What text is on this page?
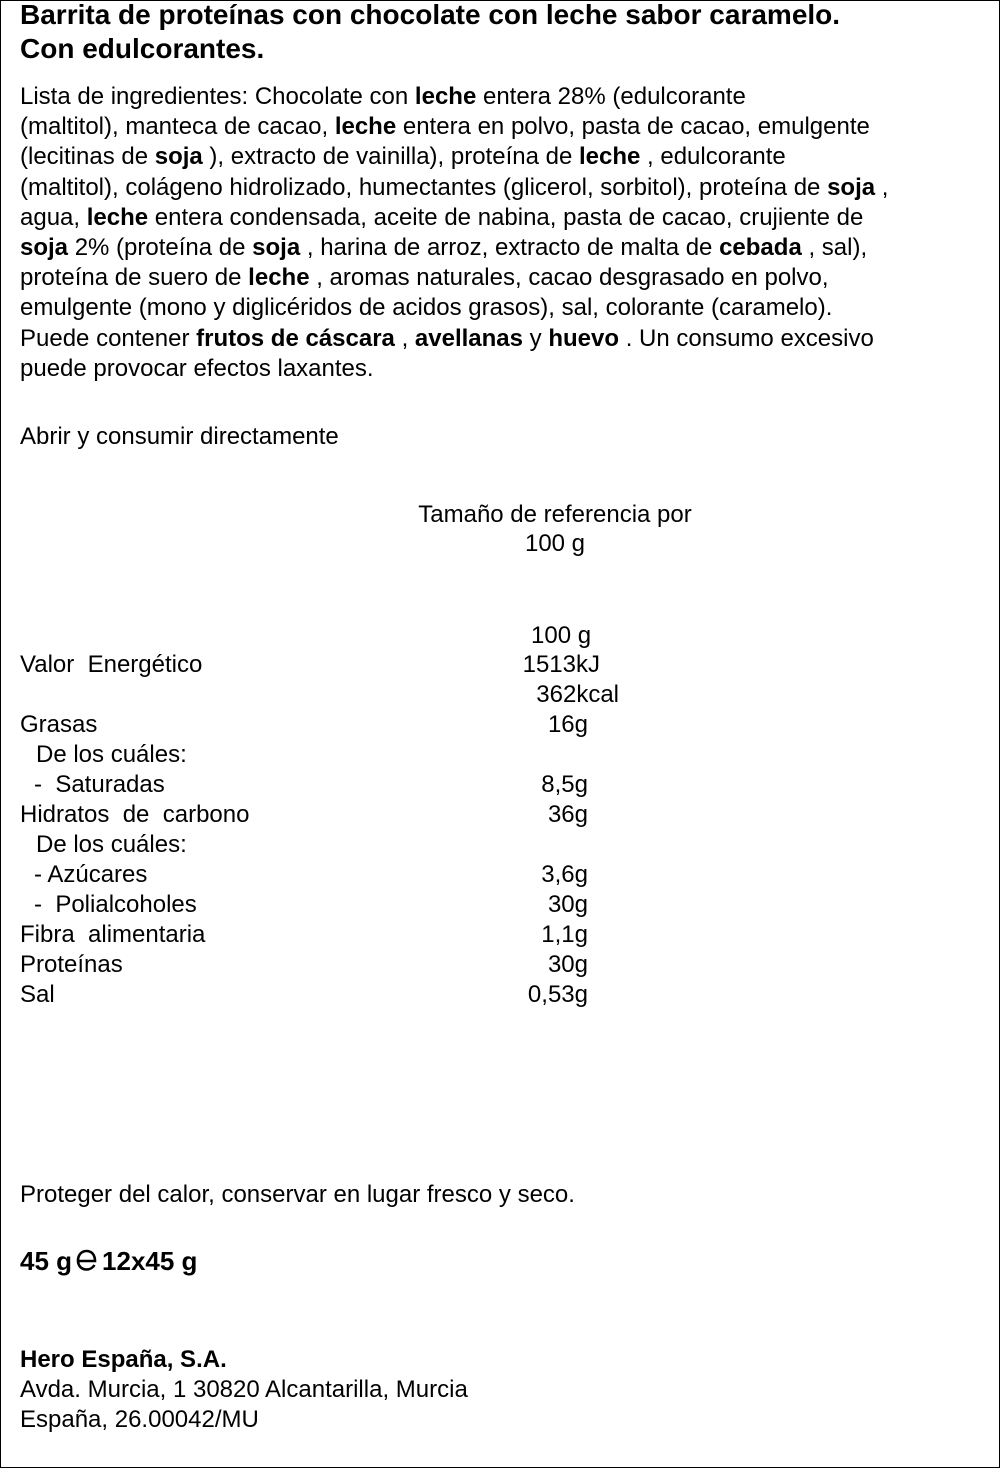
Barrita de proteínas con chocolate con leche sabor caramelo.
Con edulcorantes.
Lista de ingredientes: Chocolate con leche entera 28% (edulcorante
(maltitol), manteca de cacao, leche entera en polvo, pasta de cacao, emulgente
(lecitinas de soja ), extracto de vainilla), proteína de leche , edulcorante
(maltitol), colágeno hidrolizado, humectantes (glicerol, sorbitol), proteína de soja ,
agua, leche entera condensada, aceite de nabina, pasta de cacao, crujiente de
soja 2% (proteína de soja , harina de arroz, extracto de malta de cebada , sal),
proteína de suero de leche , aromas naturales, cacao desgrasado en polvo,
emulgente (mono y diglicéridos de acidos grasos), sal, colorante (caramelo).
Puede contener frutos de cáscara , avellanas y huevo . Un consumo excesivo
puede provocar efectos laxantes.
Abrir y consumir directamente
Tamaño de referencia por
100 g
100 g
Valor  Energético	1513kJ
362kcal
Grasas	16g
De los cuáles:
-  Saturadas	8,5g
Hidratos  de  carbono	36g
De los cuáles:
- Azúcares	3,6g
-  Polialcoholes	30g
Fibra  alimentaria	1,1g
Proteínas	30g
Sal	0,53g
Proteger del calor, conservar en lugar fresco y seco.
45 g 12x45 g
Hero España, S.A.
Avda. Murcia, 1 30820 Alcantarilla, Murcia
España, 26.00042/MU
